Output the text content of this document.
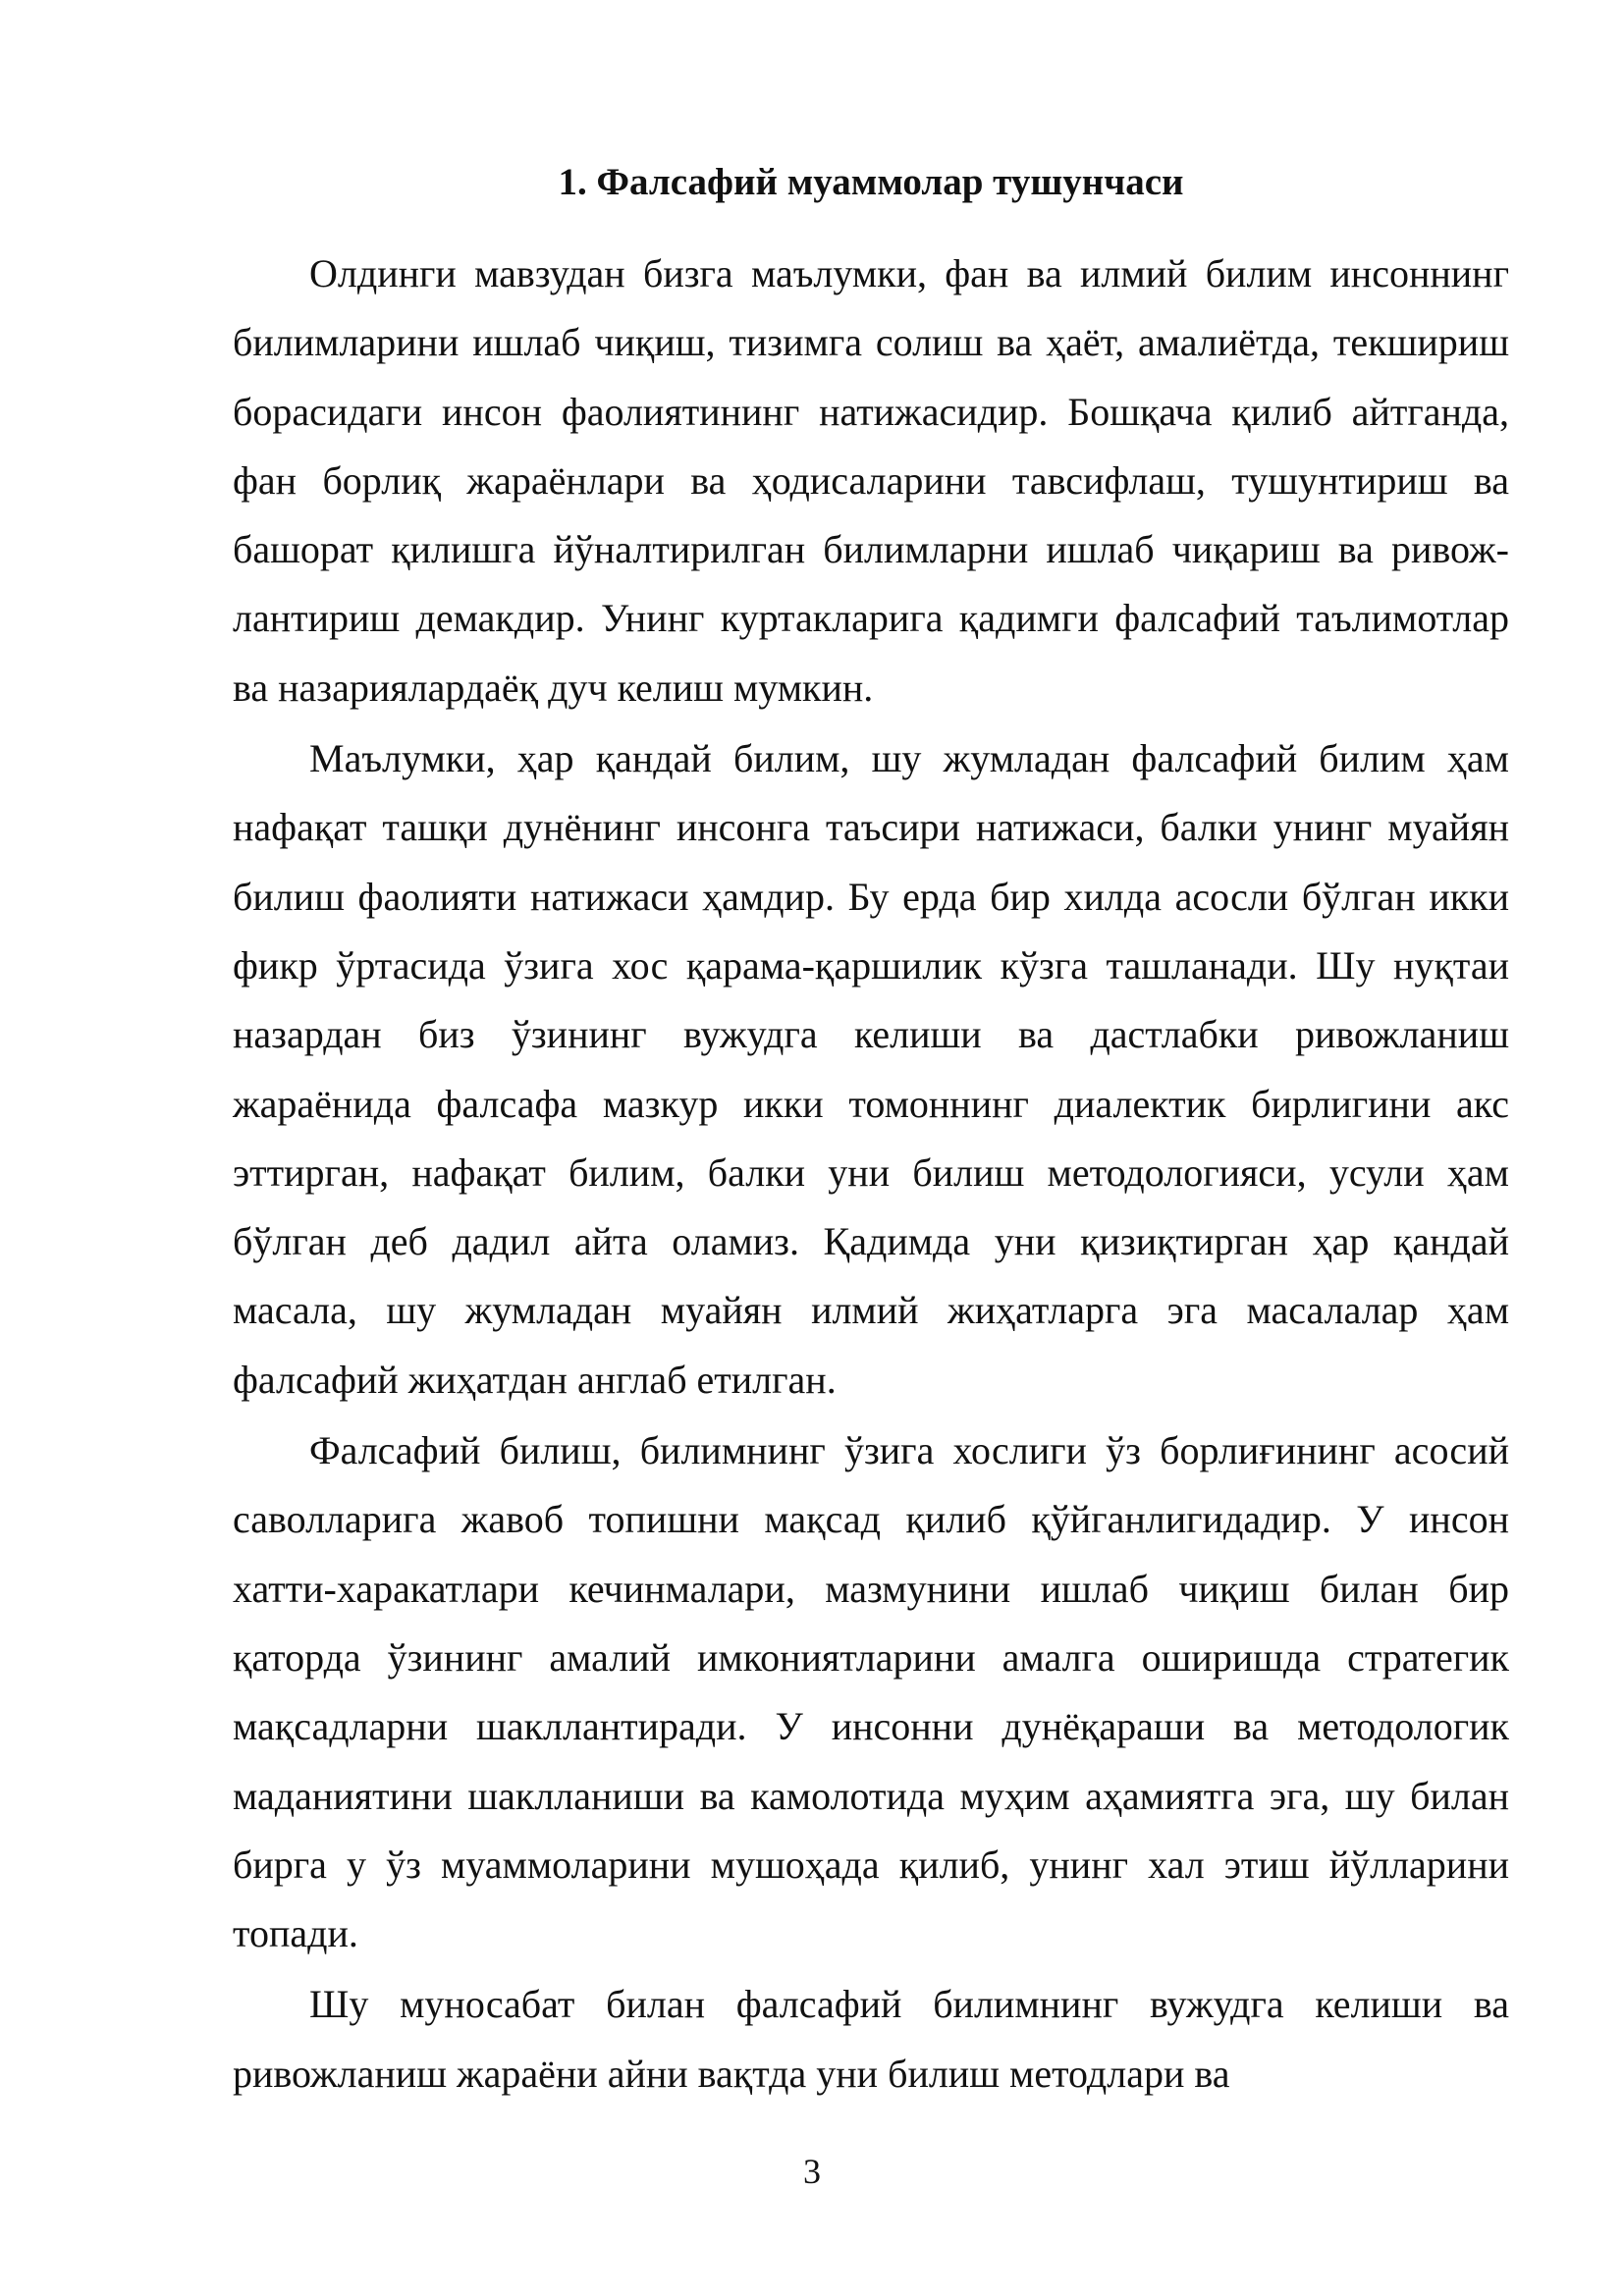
1. Фалсафий муаммолар тушунчаси

Олдинги мавзудан бизга маълумки, фан ва илмий билим инсоннинг билимларини ишлаб чиқиш, тизимга солиш ва ҳаёт, амалиётда, текшириш борасидаги инсон фаолиятининг натижасидир. Бошқача қилиб айтганда, фан борлиқ жараёнлари ва ҳодисаларини тавсифлаш, тушунтириш ва башорат қилишга йўналтирилган билимларни ишлаб чиқариш ва ривож-лантириш демакдир. Унинг куртакларига қадимги фалсафий таълимотлар ва назариялардаёқ дуч келиш мумкин.

Маълумки, ҳар қандай билим, шу жумладан фалсафий билим ҳам нафақат ташқи дунёнинг инсонга таъсири натижаси, балки унинг муайян билиш фаолияти натижаси ҳамдир. Бу ерда бир хилда асосли бўлган икки фикр ўртасида ўзига хос қарама-қаршилик кўзга ташланади. Шу нуқтаи назардан биз ўзининг вужудга келиши ва дастлабки ривожланиш жараёнида фалсафа мазкур икки томоннинг диалектик бирлигини акс эттирган, нафақат билим, балки уни билиш методологияси, усули ҳам бўлган деб дадил айта оламиз. Қадимда уни қизиқтирган ҳар қандай масала, шу жумладан муайян илмий жиҳатларга эга масалалар ҳам фалсафий жиҳатдан англаб етилган.

Фалсафий билиш, билимнинг ўзига хослиги ўз борлиғининг асосий саволларига жавоб топишни мақсад қилиб қўйганлигидадир. У инсон хатти-харакатлари кечинмалари, мазмунини ишлаб чиқиш билан бир қаторда ўзининг амалий имкониятларини амалга оширишда стратегик мақсадларни шакллантиради. У инсонни дунёқараши ва методологик маданиятини шаклланиши ва камолотида муҳим аҳамиятга эга, шу билан бирга у ўз муаммоларини мушоҳада қилиб, унинг хал этиш йўлларини топади.

Шу муносабат билан фалсафий билимнинг вужудга келиши ва ривожланиш жараёни айни вақтда уни билиш методлари ва

3
